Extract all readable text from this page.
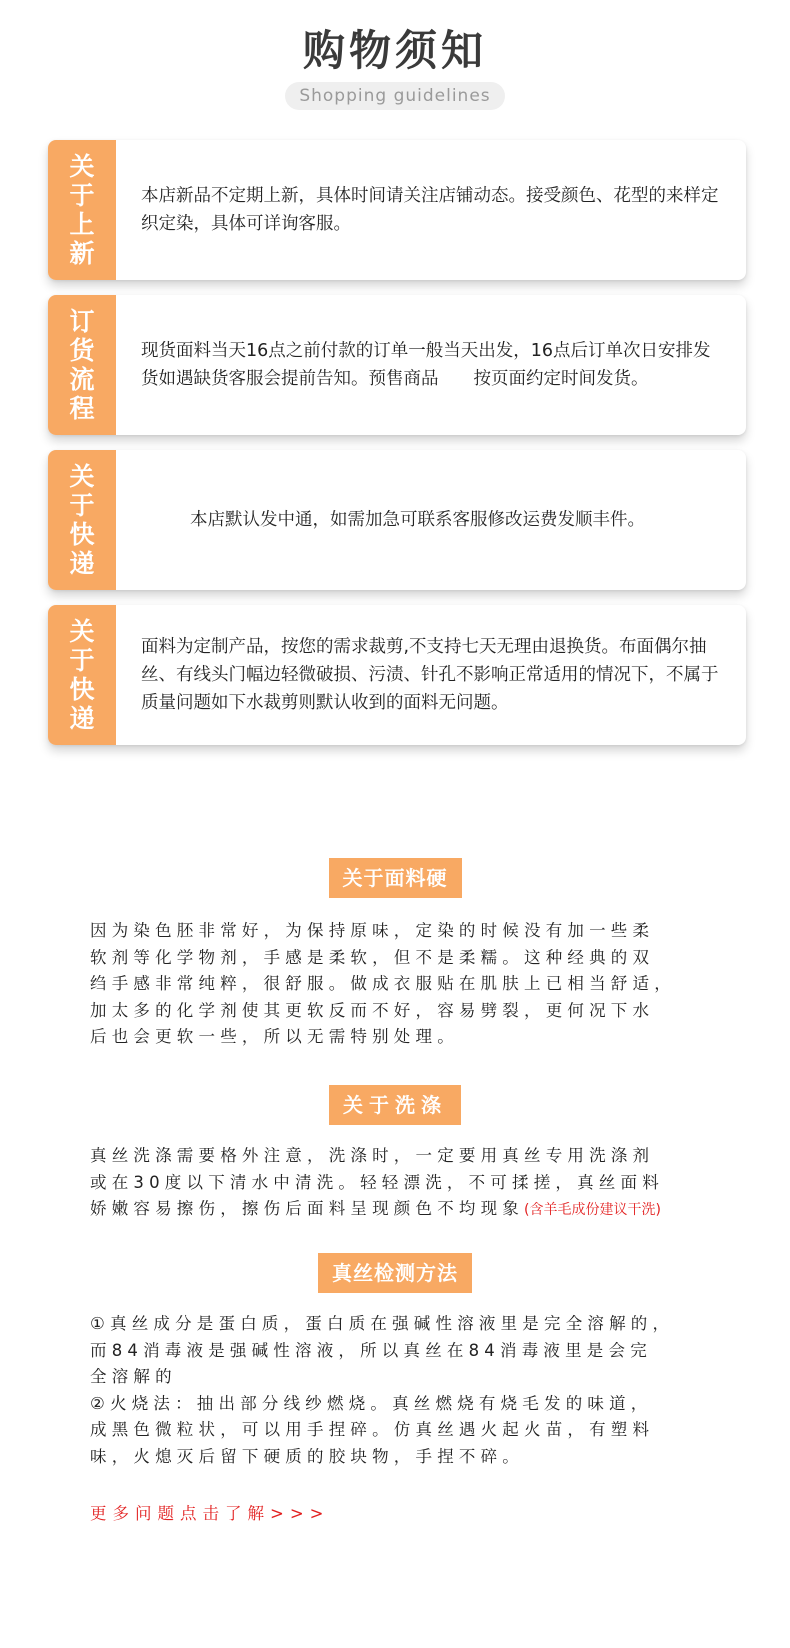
购物须知
Shopping guidelines
关
于
上
新
本店新品不定期上新，具体时间请关注店铺动态。接受颜色、花型的来样定织定染，具体可详询客服。
订
货
流
程
现货面料当天16点之前付款的订单一般当天出发，16点后订单次日安排发货如遇缺货客服会提前告知。预售商品　　按页面约定时间发货。
关
于
快
递
本店默认发中通，如需加急可联系客服修改运费发顺丰件。
关
于
快
递
面料为定制产品，按您的需求裁剪,不支持七天无理由退换货。布面偶尔抽丝、有线头门幅边轻微破损、污渍、针孔不影响正常适用的情况下，不属于质量问题如下水裁剪则默认收到的面料无问题。
关于面料硬
因为染色胚非常好，为保持原味，定染的时候没有加一些柔
软剂等化学物剂，手感是柔软，但不是柔糯。这种经典的双
绉手感非常纯粹，很舒服。做成衣服贴在肌肤上已相当舒适，
加太多的化学剂使其更软反而不好，容易劈裂，更何况下水
后也会更软一些，所以无需特别处理。
关于洗涤
真丝洗涤需要格外注意，洗涤时，一定要用真丝专用洗涤剂
或在30度以下清水中清洗。轻轻漂洗，不可揉搓，真丝面料
娇嫩容易擦伤，擦伤后面料呈现颜色不均现象(含羊毛成份建议干洗)
真丝检测方法
①真丝成分是蛋白质，蛋白质在强碱性溶液里是完全溶解的，
而84消毒液是强碱性溶液，所以真丝在84消毒液里是会完
全溶解的
②火烧法：抽出部分线纱燃烧。真丝燃烧有烧毛发的味道，
成黑色微粒状，可以用手捏碎。仿真丝遇火起火苗，有塑料
味，火熄灭后留下硬质的胶块物，手捏不碎。
更多问题点击了解>>>
